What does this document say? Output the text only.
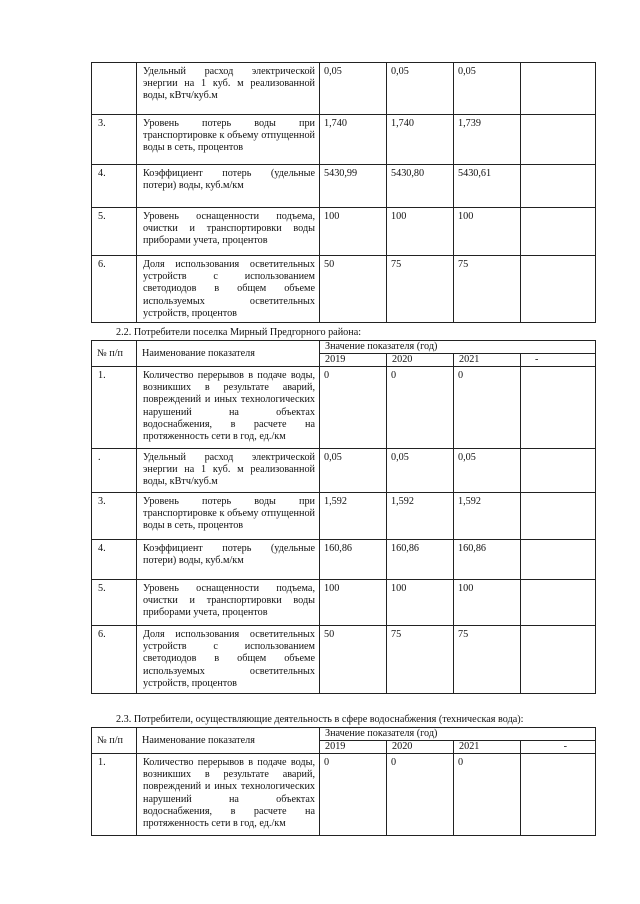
	Удельный расход электрической энергии на 1 куб. м реализованной воды, кВтч/куб.м	0,05	0,05	0,05	
3.	Уровень потерь воды при транспортировке к объему отпущенной воды в сеть, процентов	1,740	1,740	1,739	
4.	Коэффициент потерь (удельные потери) воды, куб.м/км	5430,99	5430,80	5430,61	
5.	Уровень оснащенности подъема, очистки и транспортировки воды приборами учета, процентов	100	100	100	
6.	Доля использования осветительных устройств с использованием светодиодов в общем объеме используемых осветительных устройств, процентов	50	75	75	
2.2. Потребители поселка Мирный Предгорного района:
№ п/п	Наименование показателя	Значение показателя (год)			
		2019	2020	2021	-
1.	Количество перерывов в подаче воды, возникших в результате аварий, повреждений и иных технологических нарушений на объектах водоснабжения, в расчете на протяженность сети в год, ед./км	0	0	0	
.	Удельный расход электрической энергии на 1 куб. м реализованной воды, кВтч/куб.м	0,05	0,05	0,05	
3.	Уровень потерь воды при транспортировке к объему отпущенной воды в сеть, процентов	1,592	1,592	1,592	
4.	Коэффициент потерь (удельные потери) воды, куб.м/км	160,86	160,86	160,86	
5.	Уровень оснащенности подъема, очистки и транспортировки воды приборами учета, процентов	100	100	100	
6.	Доля использования осветительных устройств с использованием светодиодов в общем объеме используемых осветительных устройств, процентов	50	75	75	
2.3. Потребители, осуществляющие деятельность в сфере водоснабжения (техническая вода):
№ п/п	Наименование показателя	Значение показателя (год)			
		2019	2020	2021	-
1.	Количество перерывов в подаче воды, возникших в результате аварий, повреждений и иных технологических нарушений на объектах водоснабжения, в расчете на протяженность сети в год, ед./км	0	0	0	
